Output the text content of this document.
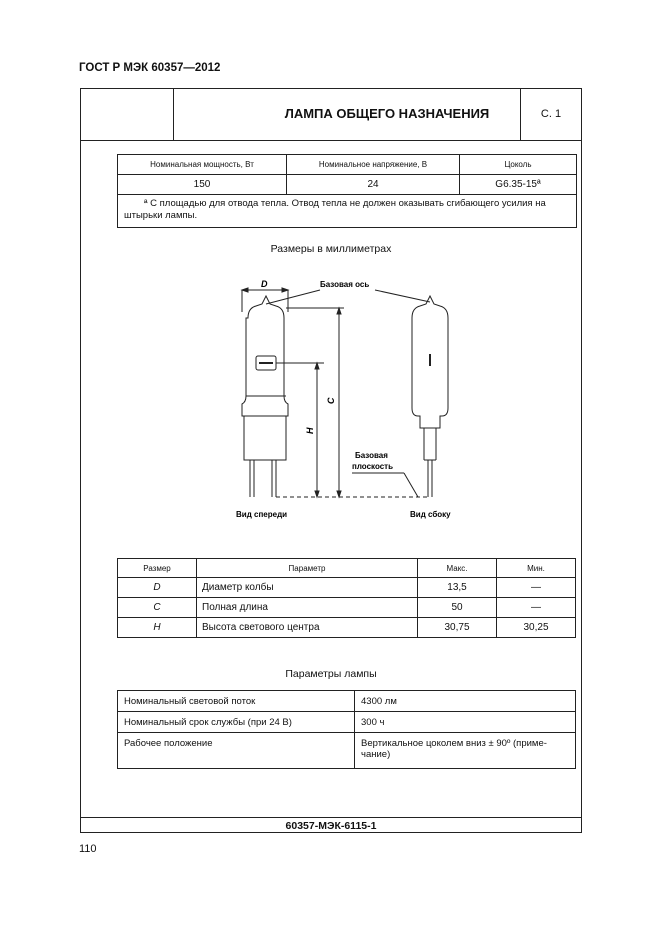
ГОСТ Р МЭК 60357—2012
ЛАМПА ОБЩЕГО НАЗНАЧЕНИЯ	С. 1
Номинальная мощность, Вт	Номинальное напряжение, В	Цоколь
150	24	G6.35-15ª
ª С площадью для отвода тепла. Отвод тепла не должен оказывать сгибающего усилия на штырьки лампы.		
Размеры в миллиметрах
D	Базовая ось
C
H
Базовая
плоскость
Вид спереди	Вид сбоку
Размер	Параметр	Макс.	Мин.
D	Диаметр колбы	13,5	—
C	Полная длина	50	—
H	Высота светового центра	30,75	30,25
Параметры лампы
Номинальный световой поток	4300 лм
Номинальный срок службы (при 24 В)	300 ч
Рабочее положение	Вертикальное цоколем вниз ± 90º (приме-
чание)
60357-МЭК-6115-1
110
